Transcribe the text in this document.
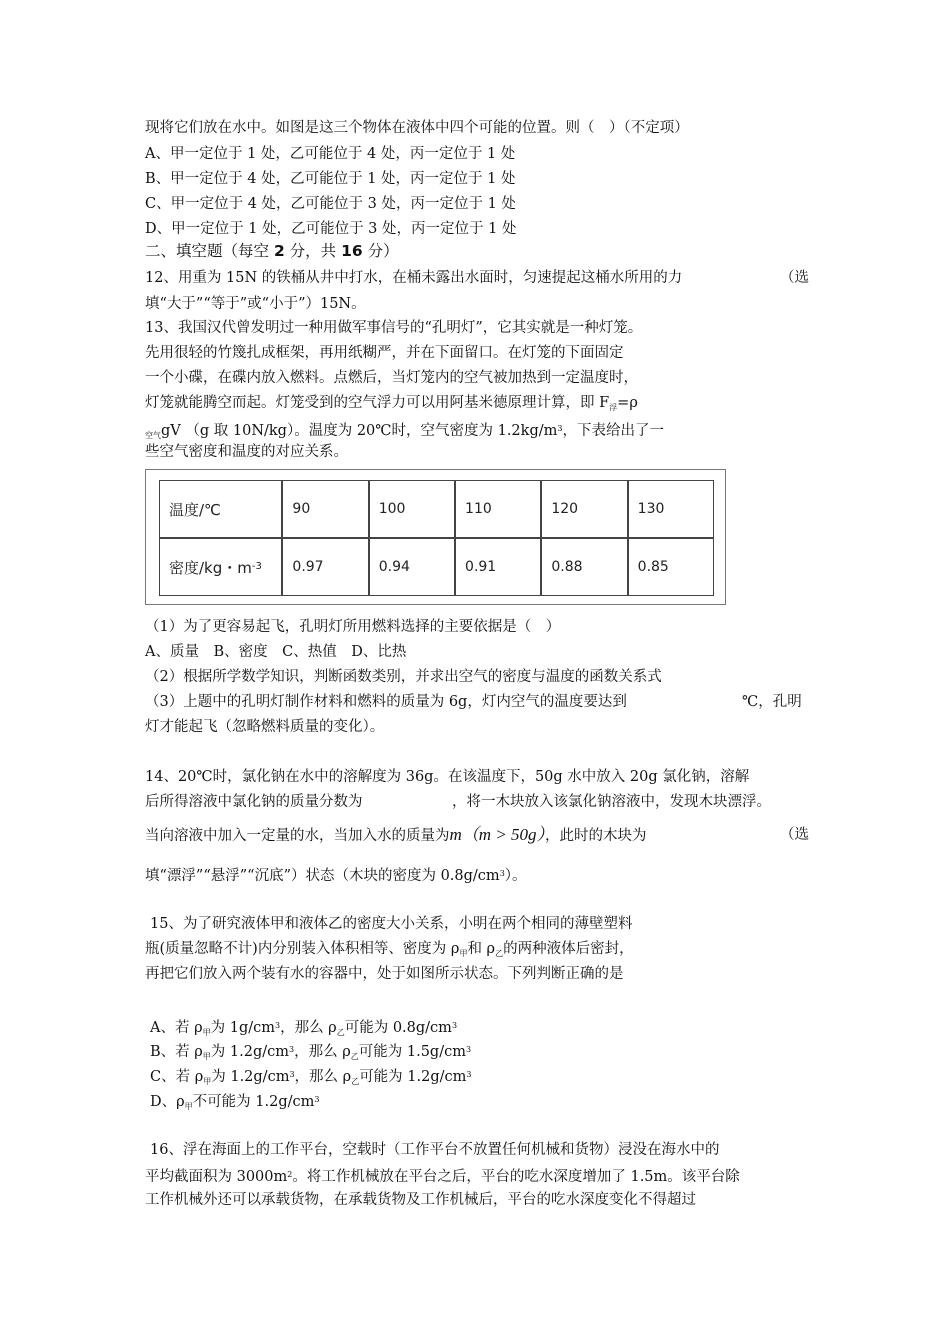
现将它们放在水中。如图是这三个物体在液体中四个可能的位置。则（　）（不定项）
A、甲一定位于 1 处，乙可能位于 4 处，丙一定位于 1 处
B、甲一定位于 4 处，乙可能位于 1 处，丙一定位于 1 处
C、甲一定位于 4 处，乙可能位于 3 处，丙一定位于 1 处
D、甲一定位于 1 处，乙可能位于 3 处，丙一定位于 1 处
二、填空题（每空 2 分，共 16 分）
12、用重为 15N 的铁桶从井中打水，在桶未露出水面时，匀速提起这桶水所用的力	（选
填“大于”“等于”或“小于”）15N。
13、我国汉代曾发明过一种用做军事信号的“孔明灯”，它其实就是一种灯笼。
先用很轻的竹篾扎成框架，再用纸糊严，并在下面留口。在灯笼的下面固定
一个小碟，在碟内放入燃料。点燃后，当灯笼内的空气被加热到一定温度时，
灯笼就能腾空而起。灯笼受到的空气浮力可以用阿基米德原理计算，即 $F_浮=\rho$
$_{空气}$gV （g 取 10N/kg）。温度为 20℃时，空气密度为 $1.2kg/m^3$，下表给出了一
些空气密度和温度的对应关系。
温度/℃	90	100	110	120	130
密度/kg・$m^{-3}$	0.97	0.94	0.91	0.88	0.85
（1）为了更容易起飞，孔明灯所用燃料选择的主要依据是（　）
A、质量　B、密度　C、热值　D、比热
（2）根据所学数学知识，判断函数类别，并求出空气的密度与温度的函数关系式
（3）上题中的孔明灯制作材料和燃料的质量为 6g，灯内空气的温度要达到	℃，孔明
灯才能起飞（忽略燃料质量的变化）。
14、20℃时，氯化钠在水中的溶解度为 36g。在该温度下，50g 水中放入 20g 氯化钠，溶解
后所得溶液中氯化钠的质量分数为	，将一木块放入该氯化钠溶液中，发现木块漂浮。
当向溶液中加入一定量的水，当加入水的质量为m（m > 50g），此时的木块为	（选
填“漂浮”“悬浮”“沉底”）状态（木块的密度为 $0.8g/cm^3$）。
15、为了研究液体甲和液体乙的密度大小关系，小明在两个相同的薄壁塑料
瓶(质量忽略不计)内分别装入体积相等、密度为 $\rho_甲$和 $\rho_乙$的两种液体后密封，
再把它们放入两个装有水的容器中，处于如图所示状态。下列判断正确的是
A、若 $\rho_甲$为 $1g/cm^3$，那么 $\rho_乙$可能为 $0.8g/cm^3$
B、若 $\rho_甲$为 $1.2g/cm^3$，那么 $\rho_乙$可能为 $1.5g/cm^3$
C、若 $\rho_甲$为 $1.2g/cm^3$，那么 $\rho_乙$可能为 $1.2g/cm^3$
D、$\rho_甲$不可能为 $1.2g/cm^3$
16、浮在海面上的工作平台，空载时（工作平台不放置任何机械和货物）浸没在海水中的
平均截面积为 $3000m^2$。将工作机械放在平台之后，平台的吃水深度增加了 1.5m。该平台除
工作机械外还可以承载货物，在承载货物及工作机械后，平台的吃水深度变化不得超过
